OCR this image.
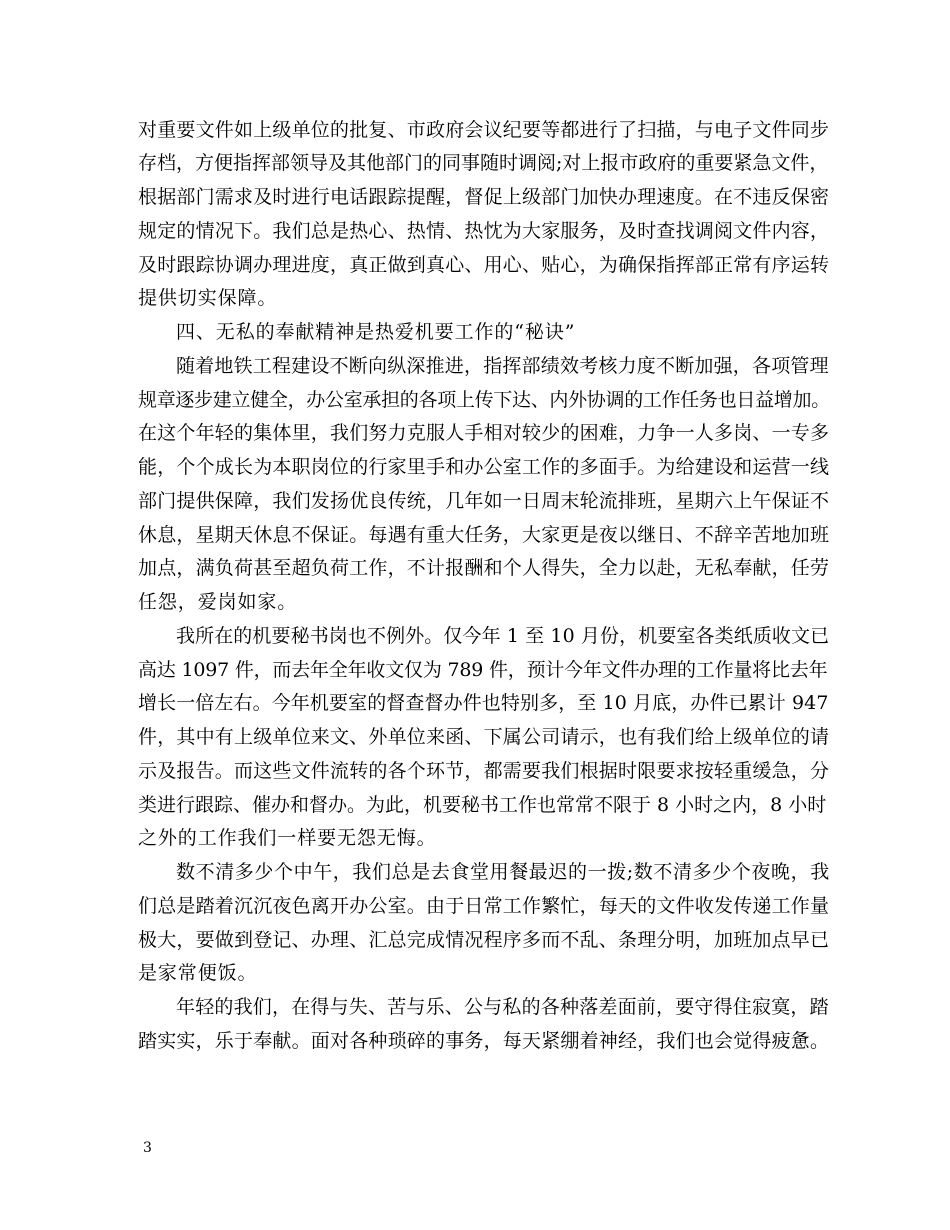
对重要文件如上级单位的批复、市政府会议纪要等都进行了扫描，与电子文件同步
存档，方便指挥部领导及其他部门的同事随时调阅;对上报市政府的重要紧急文件，
根据部门需求及时进行电话跟踪提醒，督促上级部门加快办理速度。在不违反保密
规定的情况下。我们总是热心、热情、热忱为大家服务，及时查找调阅文件内容，
及时跟踪协调办理进度，真正做到真心、用心、贴心，为确保指挥部正常有序运转
提供切实保障。
四、无私的奉献精神是热爱机要工作的“秘诀”
随着地铁工程建设不断向纵深推进，指挥部绩效考核力度不断加强，各项管理
规章逐步建立健全，办公室承担的各项上传下达、内外协调的工作任务也日益增加。
在这个年轻的集体里，我们努力克服人手相对较少的困难，力争一人多岗、一专多
能，个个成长为本职岗位的行家里手和办公室工作的多面手。为给建设和运营一线
部门提供保障，我们发扬优良传统，几年如一日周末轮流排班，星期六上午保证不
休息，星期天休息不保证。每遇有重大任务，大家更是夜以继日、不辞辛苦地加班
加点，满负荷甚至超负荷工作，不计报酬和个人得失，全力以赴，无私奉献，任劳
任怨，爱岗如家。
我所在的机要秘书岗也不例外。仅今年 1 至 10 月份，机要室各类纸质收文已
高达 1097 件，而去年全年收文仅为 789 件，预计今年文件办理的工作量将比去年
增长一倍左右。今年机要室的督查督办件也特别多，至 10 月底，办件已累计 947
件，其中有上级单位来文、外单位来函、下属公司请示，也有我们给上级单位的请
示及报告。而这些文件流转的各个环节，都需要我们根据时限要求按轻重缓急，分
类进行跟踪、催办和督办。为此，机要秘书工作也常常不限于 8 小时之内，8 小时
之外的工作我们一样要无怨无悔。
数不清多少个中午，我们总是去食堂用餐最迟的一拨;数不清多少个夜晚，我
们总是踏着沉沉夜色离开办公室。由于日常工作繁忙，每天的文件收发传递工作量
极大，要做到登记、办理、汇总完成情况程序多而不乱、条理分明，加班加点早已
是家常便饭。
年轻的我们，在得与失、苦与乐、公与私的各种落差面前，要守得住寂寞，踏
踏实实，乐于奉献。面对各种琐碎的事务，每天紧绷着神经，我们也会觉得疲惫。
3
